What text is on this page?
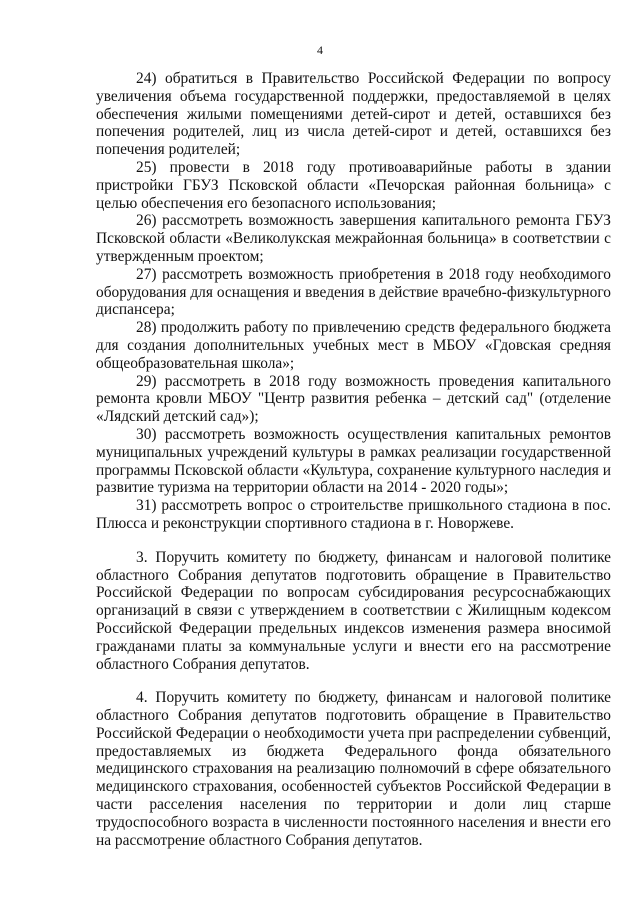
4

24) обратиться в Правительство Российской Федерации по вопросу увеличения объема государственной поддержки, предоставляемой в целях обеспечения жилыми помещениями детей-сирот и детей, оставшихся без попечения родителей, лиц из числа детей-сирот и детей, оставшихся без попечения родителей;

25) провести в 2018 году противоаварийные работы в здании пристройки ГБУЗ Псковской области «Печорская районная больница» с целью обеспечения его безопасного использования;

26) рассмотреть возможность завершения капитального ремонта ГБУЗ Псковской области «Великолукская межрайонная больница» в соответствии с утвержденным проектом;

27) рассмотреть возможность приобретения в 2018 году необходимого оборудования для оснащения и введения в действие врачебно-физкультурного диспансера;

28) продолжить работу по привлечению средств федерального бюджета для создания дополнительных учебных мест в МБОУ «Гдовская средняя общеобразовательная школа»;

29) рассмотреть в 2018 году возможность проведения капитального ремонта кровли МБОУ "Центр развития ребенка – детский сад" (отделение «Лядский детский сад»);

30) рассмотреть возможность осуществления капитальных ремонтов муниципальных учреждений культуры в рамках реализации государственной программы Псковской области «Культура, сохранение культурного наследия и развитие туризма на территории области на 2014 - 2020 годы»;

31) рассмотреть вопрос о строительстве пришкольного стадиона в пос. Плюсса и реконструкции спортивного стадиона в г. Новоржеве.

3. Поручить комитету по бюджету, финансам и налоговой политике областного Собрания депутатов подготовить обращение в Правительство Российской Федерации по вопросам субсидирования ресурсоснабжающих организаций в связи с утверждением в соответствии с Жилищным кодексом Российской Федерации предельных индексов изменения размера вносимой гражданами платы за коммунальные услуги и внести его на рассмотрение областного Собрания депутатов.

4. Поручить комитету по бюджету, финансам и налоговой политике областного Собрания депутатов подготовить обращение в Правительство Российской Федерации о необходимости учета при распределении субвенций, предоставляемых из бюджета Федерального фонда обязательного медицинского страхования на реализацию полномочий в сфере обязательного медицинского страхования, особенностей субъектов Российской Федерации в части расселения населения по территории и доли лиц старше трудоспособного возраста в численности постоянного населения и внести его на рассмотрение областного Собрания депутатов.
